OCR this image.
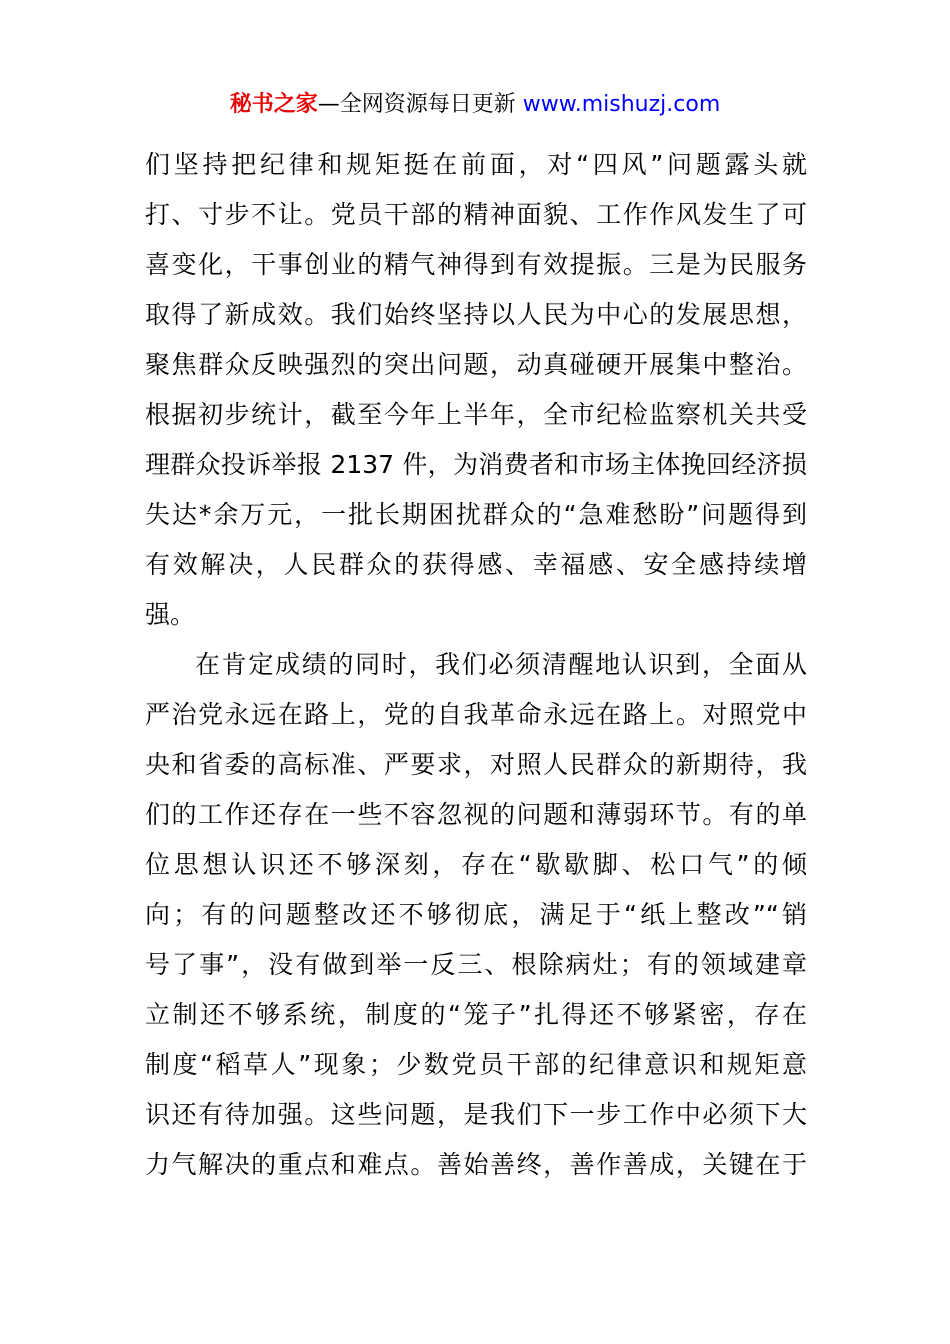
秘书之家—全网资源每日更新 www.mishuzj.com
们坚持把纪律和规矩挺在前面，对“四风”问题露头就
打、寸步不让。党员干部的精神面貌、工作作风发生了可
喜变化，干事创业的精气神得到有效提振。三是为民服务
取得了新成效。我们始终坚持以人民为中心的发展思想，
聚焦群众反映强烈的突出问题，动真碰硬开展集中整治。
根据初步统计，截至今年上半年，全市纪检监察机关共受
理群众投诉举报 2137 件，为消费者和市场主体挽回经济损
失达*余万元，一批长期困扰群众的“急难愁盼”问题得到
有效解决，人民群众的获得感、幸福感、安全感持续增
强。
在肯定成绩的同时，我们必须清醒地认识到，全面从
严治党永远在路上，党的自我革命永远在路上。对照党中
央和省委的高标准、严要求，对照人民群众的新期待，我
们的工作还存在一些不容忽视的问题和薄弱环节。有的单
位思想认识还不够深刻，存在“歇歇脚、松口气”的倾
向；有的问题整改还不够彻底，满足于“纸上整改”“销
号了事”，没有做到举一反三、根除病灶；有的领域建章
立制还不够系统，制度的“笼子”扎得还不够紧密，存在
制度“稻草人”现象；少数党员干部的纪律意识和规矩意
识还有待加强。这些问题，是我们下一步工作中必须下大
力气解决的重点和难点。善始善终，善作善成，关键在于
